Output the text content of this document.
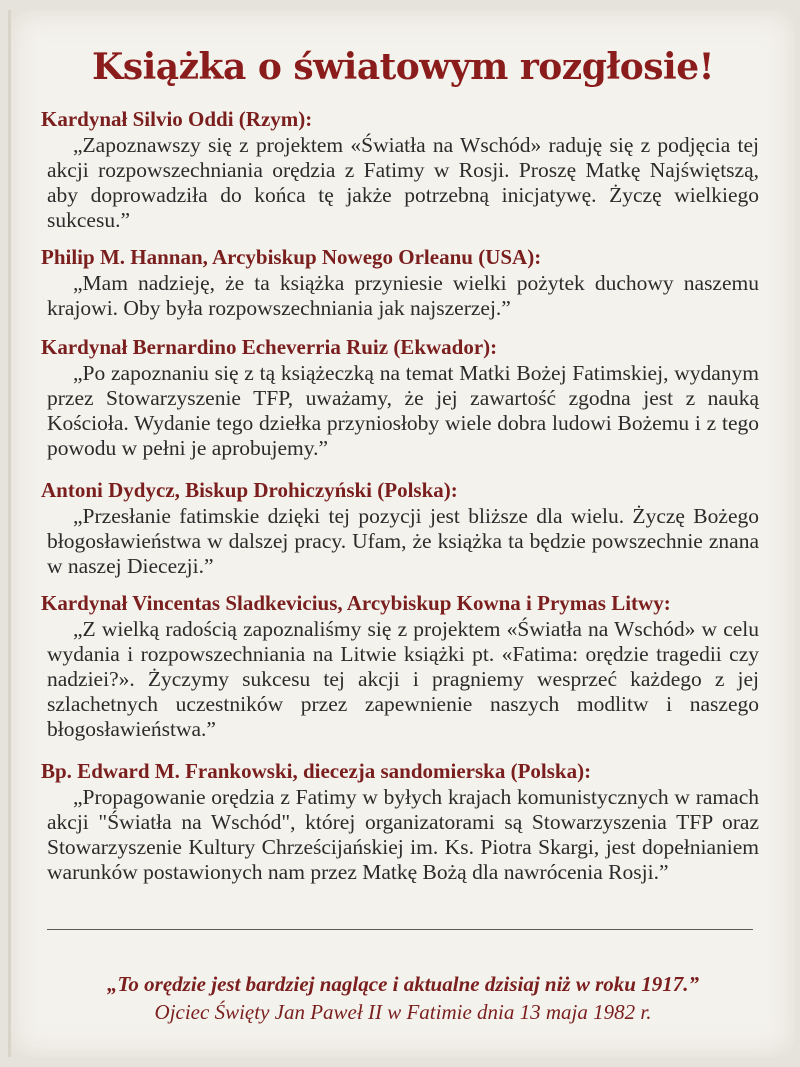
Książka o światowym rozgłosie!
Kardynał Silvio Oddi (Rzym):
„Zapoznawszy się z projektem «Światła na Wschód» raduję się z podjęcia tej akcji rozpowszechniania orędzia z Fatimy w Rosji. Proszę Matkę Najświętszą, aby doprowadziła do końca tę jakże potrzebną inicjatywę. Życzę wielkiego sukcesu.”
Philip M. Hannan, Arcybiskup Nowego Orleanu (USA):
„Mam nadzieję, że ta książka przyniesie wielki pożytek duchowy naszemu krajowi. Oby była rozpowszechniania jak najszerzej.”
Kardynał Bernardino Echeverria Ruiz (Ekwador):
„Po zapoznaniu się z tą książeczką na temat Matki Bożej Fatimskiej, wydanym przez Stowarzyszenie TFP, uważamy, że jej zawartość zgodna jest z nauką Kościoła. Wydanie tego dziełka przyniosłoby wiele dobra ludowi Bożemu i z tego powodu w pełni je aprobujemy.”
Antoni Dydycz, Biskup Drohiczyński (Polska):
„Przesłanie fatimskie dzięki tej pozycji jest bliższe dla wielu. Życzę Bożego błogosławieństwa w dalszej pracy. Ufam, że książka ta będzie powszechnie znana w naszej Diecezji.”
Kardynał Vincentas Sladkevicius, Arcybiskup Kowna i Prymas Litwy:
„Z wielką radością zapoznaliśmy się z projektem «Światła na Wschód» w celu wydania i rozpowszechniania na Litwie książki pt. «Fatima: orędzie tragedii czy nadziei?». Życzymy sukcesu tej akcji i pragniemy wesprzeć każdego z jej szlachetnych uczestników przez zapewnienie naszych modlitw i naszego błogosławieństwa.”
Bp. Edward M. Frankowski, diecezja sandomierska (Polska):
„Propagowanie orędzia z Fatimy w byłych krajach komunistycznych w ramach akcji "Światła na Wschód", której organizatorami są Stowarzyszenia TFP oraz Stowarzyszenie Kultury Chrześcijańskiej im. Ks. Piotra Skargi, jest dopełnianiem warunków postawionych nam przez Matkę Bożą dla nawrócenia Rosji.”
„To orędzie jest bardziej naglące i aktualne dzisiaj niż w roku 1917.”
Ojciec Święty Jan Paweł II w Fatimie dnia 13 maja 1982 r.
